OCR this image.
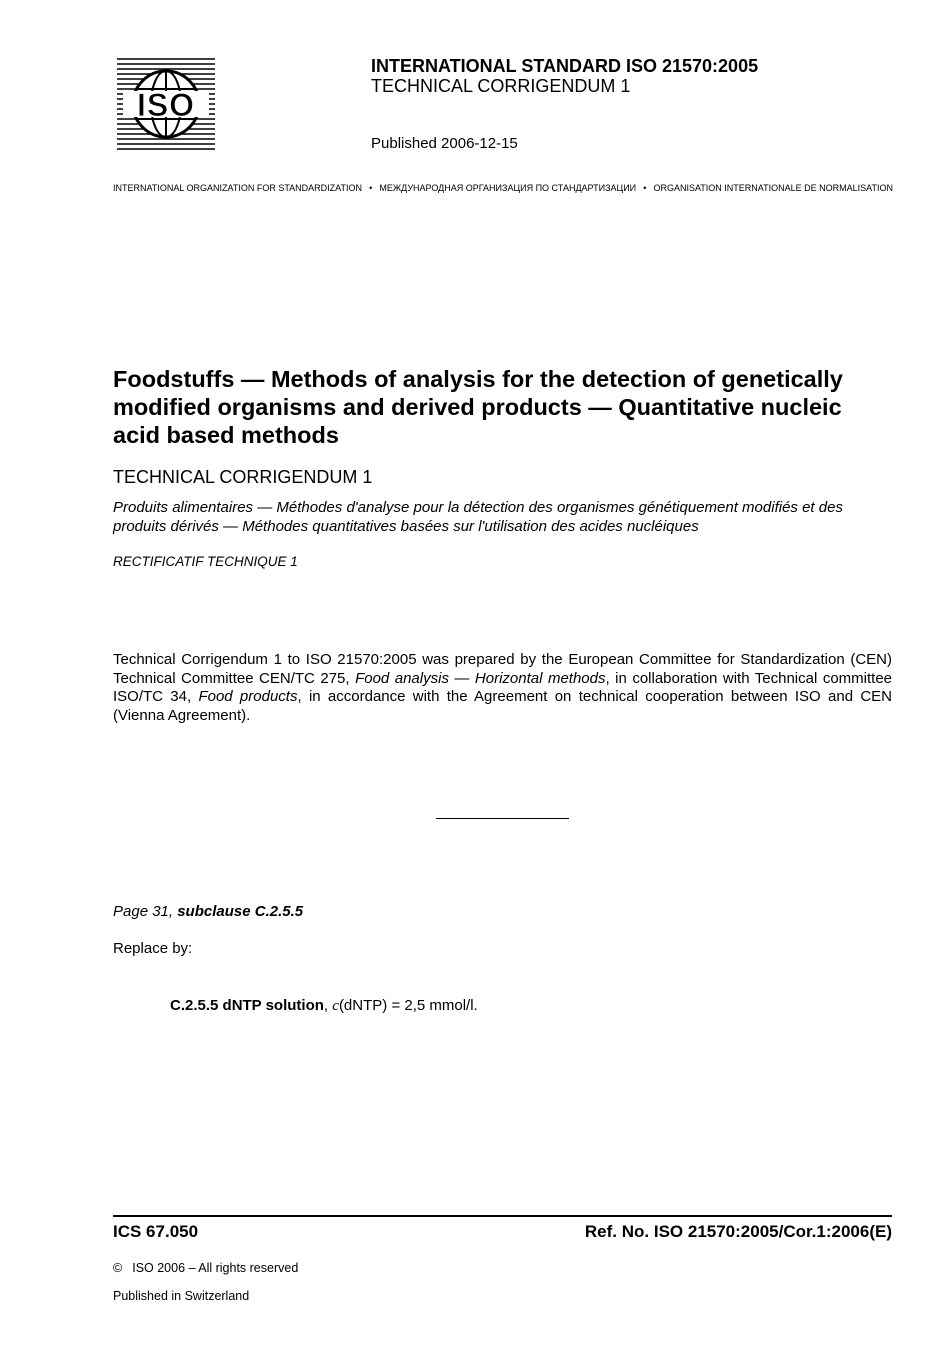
ISO
INTERNATIONAL STANDARD ISO 21570:2005
TECHNICAL CORRIGENDUM 1
Published 2006-12-15
INTERNATIONAL ORGANIZATION FOR STANDARDIZATION • МЕЖДУНАРОДНАЯ ОРГАНИЗАЦИЯ ПО СТАНДАРТИЗАЦИИ • ORGANISATION INTERNATIONALE DE NORMALISATION
Foodstuffs — Methods of analysis for the detection of genetically modified organisms and derived products — Quantitative nucleic acid based methods
TECHNICAL CORRIGENDUM 1
Produits alimentaires — Méthodes d'analyse pour la détection des organismes génétiquement modifiés et des produits dérivés — Méthodes quantitatives basées sur l'utilisation des acides nucléiques
RECTIFICATIF TECHNIQUE 1
Technical Corrigendum 1 to ISO 21570:2005 was prepared by the European Committee for Standardization (CEN) Technical Committee CEN/TC 275, Food analysis — Horizontal methods, in collaboration with Technical committee ISO/TC 34, Food products, in accordance with the Agreement on technical cooperation between ISO and CEN (Vienna Agreement).
Page 31, subclause C.2.5.5
Replace by:
C.2.5.5 dNTP solution, c(dNTP) = 2,5 mmol/l.
ICS 67.050	Ref. No. ISO 21570:2005/Cor.1:2006(E)
© ISO 2006 – All rights reserved
Published in Switzerland
